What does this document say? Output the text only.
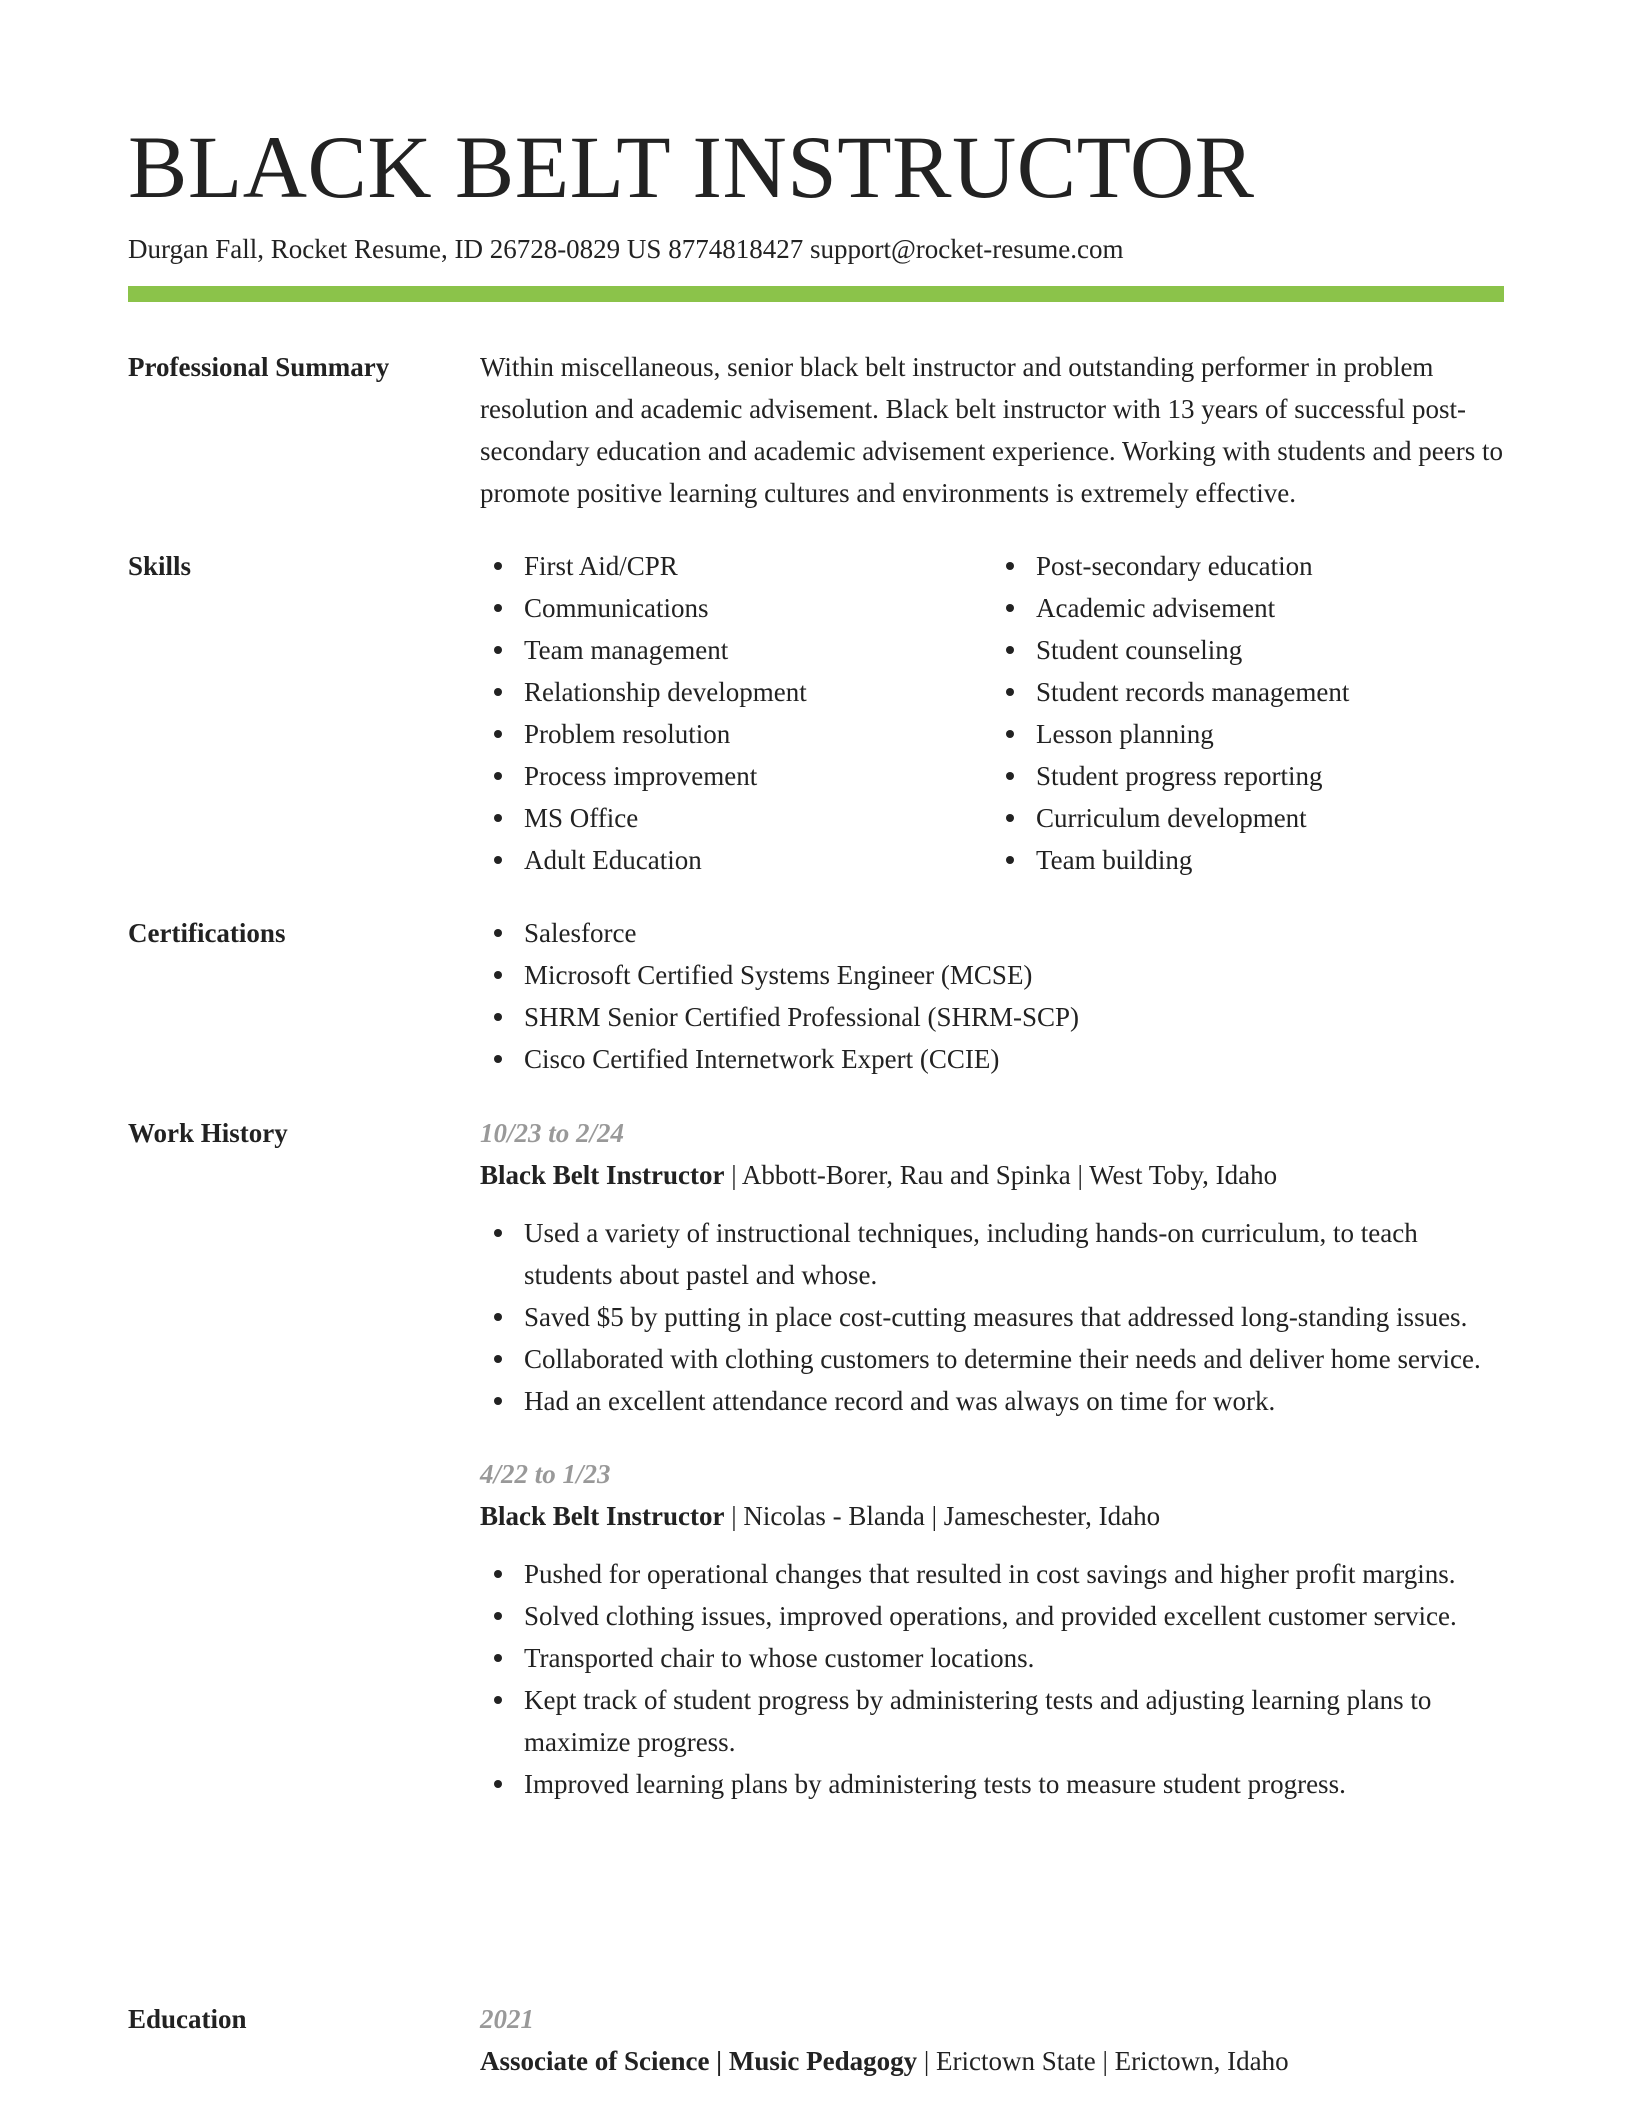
BLACK BELT INSTRUCTOR
Durgan Fall, Rocket Resume, ID 26728-0829 US 8774818427 support@rocket-resume.com
Professional Summary	Within miscellaneous, senior black belt instructor and outstanding performer in problem resolution and academic advisement. Black belt instructor with 13 years of successful post-secondary education and academic advisement experience. Working with students and peers to promote positive learning cultures and environments is extremely effective.

Skills	First Aid/CPR
Communications
Team management
Relationship development
Problem resolution
Process improvement
MS Office
Adult Education
Post-secondary education
Academic advisement
Student counseling
Student records management
Lesson planning
Student progress reporting
Curriculum development
Team building
Certifications	Salesforce
Microsoft Certified Systems Engineer (MCSE)
SHRM Senior Certified Professional (SHRM-SCP)
Cisco Certified Internetwork Expert (CCIE)
Work History	10/23 to 2/24
Black Belt Instructor | Abbott-Borer, Rau and Spinka | West Toby, Idaho
Used a variety of instructional techniques, including hands-on curriculum, to teach students about pastel and whose.
Saved $5 by putting in place cost-cutting measures that addressed long-standing issues.
Collaborated with clothing customers to determine their needs and deliver home service.
Had an excellent attendance record and was always on time for work.
4/22 to 1/23
Black Belt Instructor | Nicolas - Blanda | Jameschester, Idaho
Pushed for operational changes that resulted in cost savings and higher profit margins.
Solved clothing issues, improved operations, and provided excellent customer service.
Transported chair to whose customer locations.
Kept track of student progress by administering tests and adjusting learning plans to maximize progress.
Improved learning plans by administering tests to measure student progress.
Education	2021
Associate of Science | Music Pedagogy | Erictown State | Erictown, Idaho
